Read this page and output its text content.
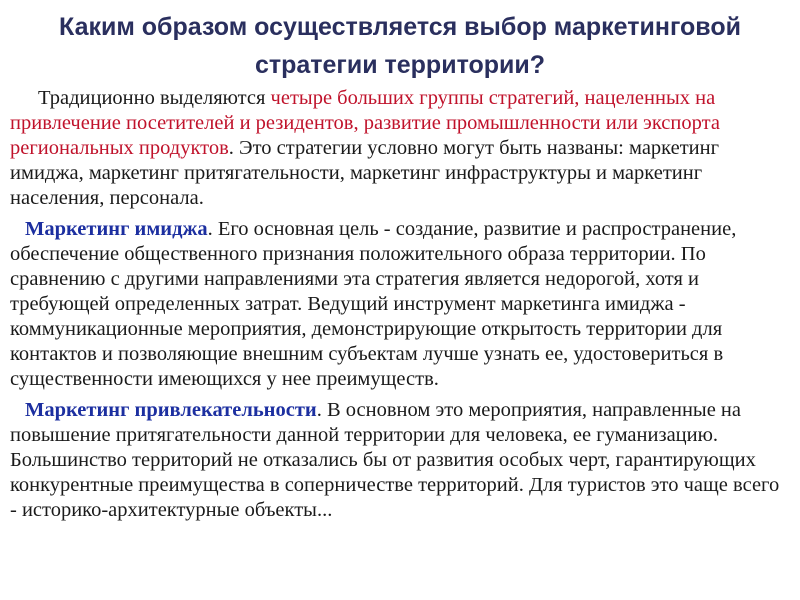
Каким образом осуществляется выбор маркетинговой
стратегии территории?

Традиционно выделяются четыре больших группы стратегий, нацеленных на привлечение посетителей и резидентов, развитие промышленности или экспорта региональных продуктов. Это стратегии условно могут быть названы: маркетинг имиджа, маркетинг притягательности, маркетинг инфраструктуры и маркетинг населения, персонала.

Маркетинг имиджа. Его основная цель - создание, развитие и распространение, обеспечение общественного признания положительного образа территории. По сравнению с другими направлениями эта стратегия является недорогой, хотя и требующей определенных затрат. Ведущий инструмент маркетинга имиджа - коммуникационные мероприятия, демонстрирующие открытость территории для контактов и позволяющие внешним субъектам лучше узнать ее, удостовериться в существенности имеющихся у нее преимуществ.

Маркетинг привлекательности. В основном это мероприятия, направленные на повышение притягательности данной территории для человека, ее гуманизацию. Большинство территорий не отказались бы от развития особых черт, гарантирующих конкурентные преимущества в соперничестве территорий. Для туристов это чаще всего - историко-архитектурные объекты...
